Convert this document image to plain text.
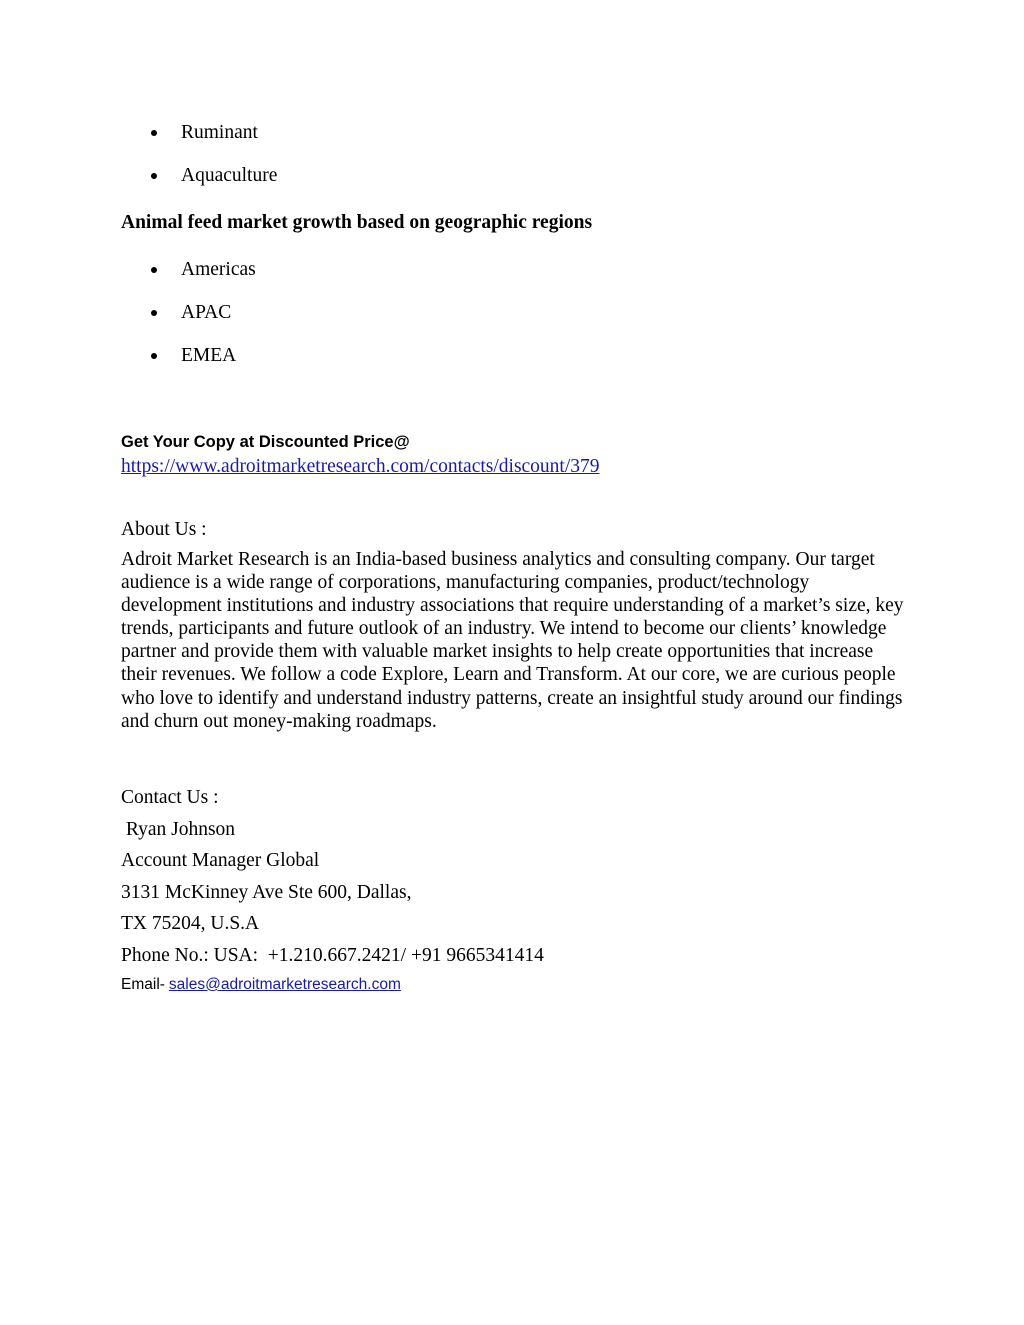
Ruminant
Aquaculture
Animal feed market growth based on geographic regions
Americas
APAC
EMEA
Get Your Copy at Discounted Price@
https://www.adroitmarketresearch.com/contacts/discount/379
About Us :
Adroit Market Research is an India-based business analytics and consulting company. Our target audience is a wide range of corporations, manufacturing companies, product/technology development institutions and industry associations that require understanding of a market’s size, key trends, participants and future outlook of an industry. We intend to become our clients’ knowledge partner and provide them with valuable market insights to help create opportunities that increase their revenues. We follow a code Explore, Learn and Transform. At our core, we are curious people who love to identify and understand industry patterns, create an insightful study around our findings and churn out money-making roadmaps.
Contact Us :
Ryan Johnson
Account Manager Global
3131 McKinney Ave Ste 600, Dallas,
TX 75204, U.S.A
Phone No.: USA:  +1.210.667.2421/ +91 9665341414
Email- sales@adroitmarketresearch.com
